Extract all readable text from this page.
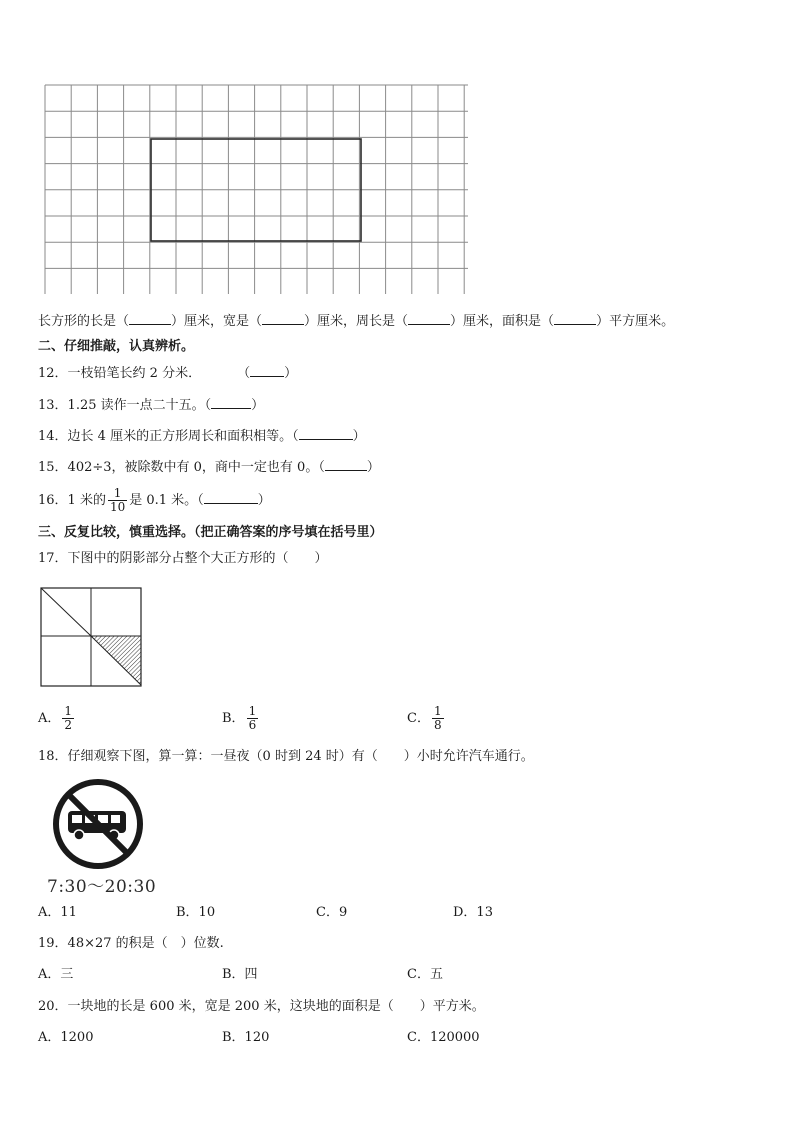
长方形的长是（	）厘米，宽是（	）厘米，周长是（	）厘米，面积是（	）平方厘米。
二、仔细推敲，认真辨析。
12．一枝铅笔长约 2 分米．	（	）
13．1.25 读作一点二十五。（	）
14．边长 4 厘米的正方形周长和面积相等。（	）
15．402÷3，被除数中有 0，商中一定也有 0。（	）
16．1 米的 $\frac{1}{10}$ 是 0.1 米。（	）
三、反复比较，慎重选择。（把正确答案的序号填在括号里）
17．下图中的阴影部分占整个大正方形的（　　）
A． $\frac{1}{2}$	B． $\frac{1}{6}$	C． $\frac{1}{8}$
18．仔细观察下图，算一算：一昼夜（0 时到 24 时）有（　　）小时允许汽车通行。
7:30～20:30
A．11	B．10	C．9	D．13
19．48×27 的积是（　）位数.
A．三	B．四	C．五
20．一块地的长是 600 米，宽是 200 米，这块地的面积是（　　）平方米。
A．1200	B．120	C．120000
